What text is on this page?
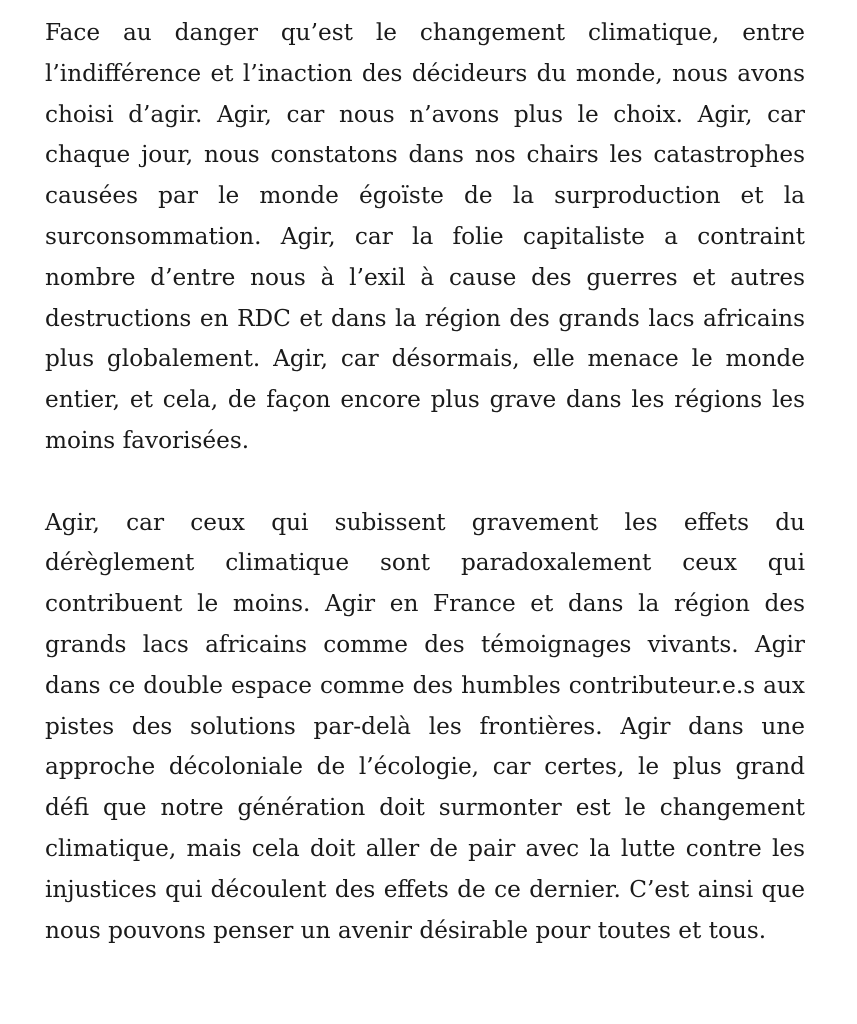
Face au danger qu’est le changement climatique, entre l’indifférence et l’inaction des décideurs du monde, nous avons choisi d’agir. Agir, car nous n’avons plus le choix. Agir, car chaque jour, nous constatons dans nos chairs les catastrophes causées par le monde égoïste de la surproduction et la surconsommation. Agir, car la folie capitaliste a contraint nombre d’entre nous à l’exil à cause des guerres et autres destructions en RDC et dans la région des grands lacs africains plus globalement. Agir, car désormais, elle menace le monde entier, et cela, de façon encore plus grave dans les régions les moins favorisées.

Agir, car ceux qui subissent gravement les effets du dérèglement climatique sont paradoxalement ceux qui contribuent le moins. Agir en France et dans la région des grands lacs africains comme des témoignages vivants. Agir dans ce double espace comme des humbles contributeur.e.s aux pistes des solutions par-delà les frontières. Agir dans une approche décoloniale de l’écologie, car certes, le plus grand défi que notre génération doit surmonter est le changement climatique, mais cela doit aller de pair avec la lutte contre les injustices qui découlent des effets de ce dernier. C’est ainsi que nous pouvons penser un avenir désirable pour toutes et tous.
